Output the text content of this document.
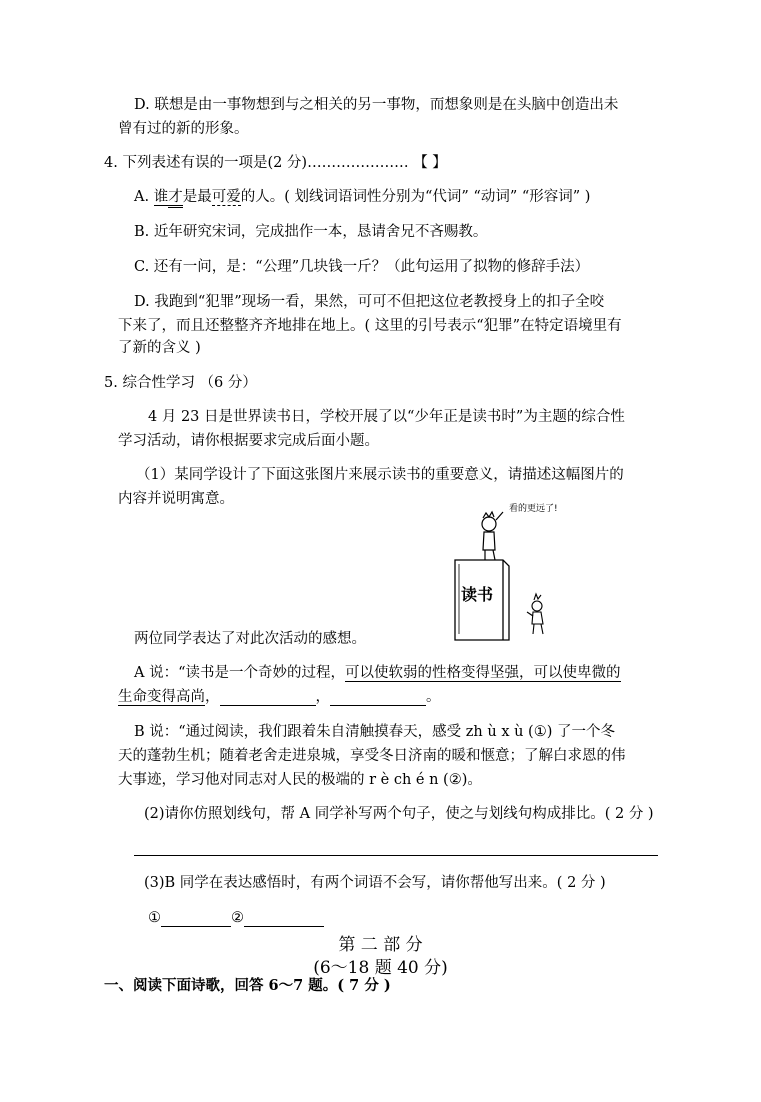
D. 联想是由一事物想到与之相关的另一事物，而想象则是在头脑中创造出未
曾有过的新的形象。
4. 下列表述有误的一项是(2 分)………………… 【 】
A. 谁才是最可爱的人。( 划线词语词性分别为“代词” “动词” “形容词” )
B. 近年研究宋词，完成拙作一本，恳请舍兄不吝赐教。
C. 还有一问，是：“公理”几块钱一斤？（此句运用了拟物的修辞手法）
D. 我跑到“犯罪”现场一看，果然，可可不但把这位老教授身上的扣子全咬
下来了，而且还整整齐齐地排在地上。( 这里的引号表示“犯罪”在特定语境里有
了新的含义 )
5. 综合性学习 （6 分）
4 月 23 日是世界读书日，学校开展了以“少年正是读书时”为主题的综合性
学习活动，请你根据要求完成后面小题。
（1）某同学设计了下面这张图片来展示读书的重要意义，请描述这幅图片的
内容并说明寓意。
看的更远了!
读书
两位同学表达了对此次活动的感想。
A 说：“读书是一个奇妙的过程，可以使软弱的性格变得坚强，可以使卑微的
生命变得高尚，	，	。
B 说：“通过阅读，我们跟着朱自清触摸春天，感受 zh ù x ù (①) 了一个冬
天的蓬勃生机；随着老舍走进泉城，享受冬日济南的暖和惬意；了解白求恩的伟
大事迹，学习他对同志对人民的极端的 r è ch é n (②)。
(2)请你仿照划线句，帮 A 同学补写两个句子，使之与划线句构成排比。( 2 分 )
(3)B 同学在表达感悟时，有两个词语不会写，请你帮他写出来。( 2 分 )
①	②
第 二 部 分
(6～18 题 40 分)
一、阅读下面诗歌，回答 6～7 题。( 7 分 )
